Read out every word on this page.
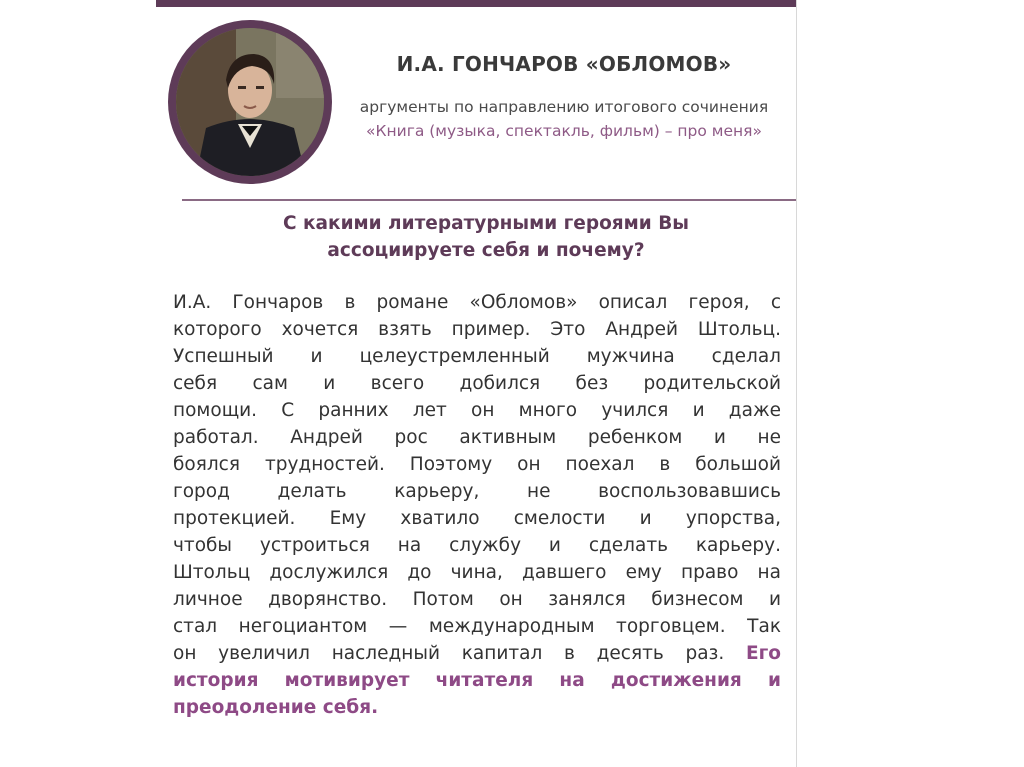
И.А. ГОНЧАРОВ «ОБЛОМОВ»
аргументы по направлению итогового сочинения «Книга (музыка, спектакль, фильм) – про меня»
С какими литературными героями Вы
ассоциируете себя и почему?
И.А. Гончаров в романе «Обломов» описал героя, с
которого хочется взять пример. Это Андрей Штольц.
Успешный и целеустремленный мужчина сделал
себя сам и всего добился без родительской
помощи. С ранних лет он много учился и даже
работал. Андрей рос активным ребенком и не
боялся трудностей. Поэтому он поехал в большой
город делать карьеру, не воспользовавшись
протекцией. Ему хватило смелости и упорства,
чтобы устроиться на службу и сделать карьеру.
Штольц дослужился до чина, давшего ему право на
личное дворянство. Потом он занялся бизнесом и
стал негоциантом — международным торговцем. Так
он увеличил наследный капитал в десять раз. Его
история мотивирует читателя на достижения и
преодоление себя.
